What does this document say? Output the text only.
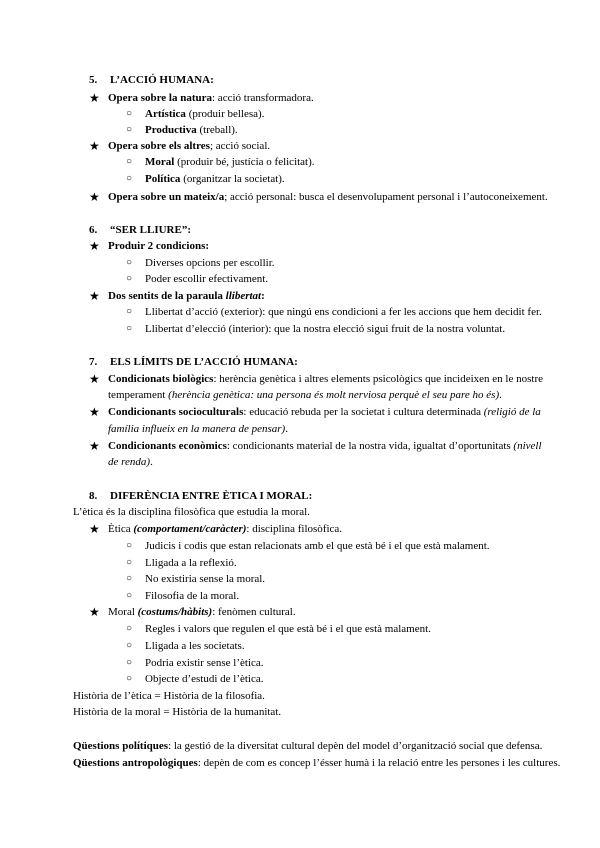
5. L’ACCIÓ HUMANA:
★ Opera sobre la natura: acció transformadora.
○ Artística (produir bellesa).
○ Productiva (treball).
★ Opera sobre els altres; acció social.
○ Moral (produir bé, justícia o felicitat).
○ Política (organitzar la societat).
★ Opera sobre un mateix/a; acció personal: busca el desenvolupament personal i l’autoconeixement.
6. “SER LLIURE”:
★ Produir 2 condicions:
○ Diverses opcions per escollir.
○ Poder escollir efectivament.
★ Dos sentits de la paraula llibertat:
○ Llibertat d’acció (exterior): que ningú ens condicioni a fer les accions que hem decidit fer.
○ Llibertat d’elecció (interior): que la nostra elecció sigui fruit de la nostra voluntat.
7. ELS LÍMITS DE L’ACCIÓ HUMANA:
★ Condicionats biològics: herència genètica i altres elements psicològics que incideixen en le nostre
temperament (herència genètica: una persona és molt nerviosa perquè el seu pare ho és).
★ Condicionants socioculturals: educació rebuda per la societat i cultura determinada (religió de la
família influeix en la manera de pensar).
★ Condicionants econòmics: condicionants material de la nostra vida, igualtat d’oportunitats (nivell
de renda).
8. DIFERÈNCIA ENTRE ÈTICA I MORAL:
L’ètica és la disciplina filosòfica que estudia la moral.
★ Ètica (comportament/caràcter): disciplina filosòfica.
○ Judicis i codis que estan relacionats amb el que està bé i el que està malament.
○ Lligada a la reflexió.
○ No existiria sense la moral.
○ Filosofia de la moral.
★ Moral (costums/hàbits): fenòmen cultural.
○ Regles i valors que regulen el que està bé i el que està malament.
○ Lligada a les societats.
○ Podria existir sense l’ètica.
○ Objecte d’estudi de l’ètica.
Història de l’ètica = Història de la filosofia.
Història de la moral = Història de la humanitat.
Qüestions polítiques: la gestió de la diversitat cultural depèn del model d’organització social que defensa.
Qüestions antropològiques: depèn de com es concep l’ésser humà i la relació entre les persones i les cultures.
